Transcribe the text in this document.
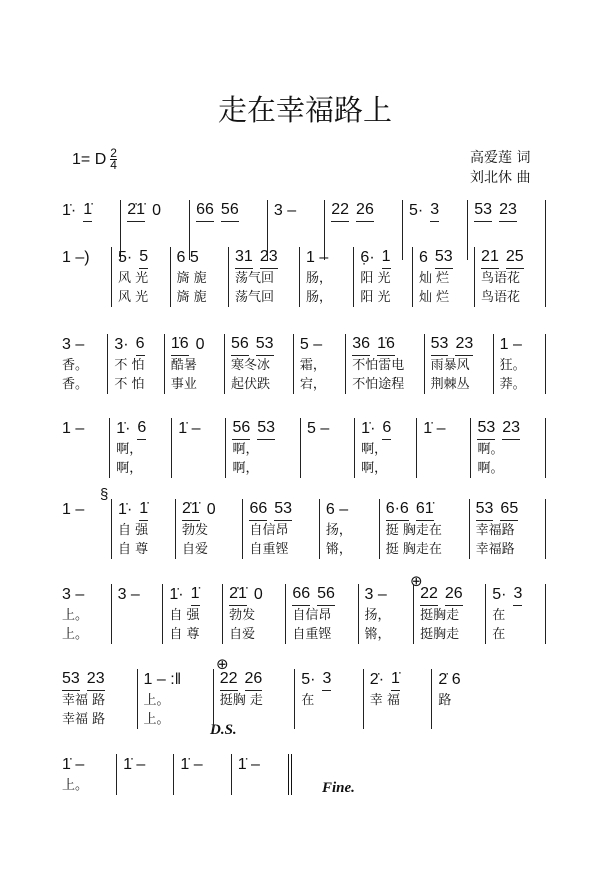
走在幸福路上
1= D $\frac{2}{4}$	高爱莲 词
刘北休 曲
§
⊕
⊕
D.S.
Fine.
1̇· 1̇ 2̇1̇ 0 66 56 3 – 22 26 5· 3 53 23
1 –) 5· 5
风 光
风 光
6 5
旖 旎
旖 旎
31 23
荡气回
荡气回
1 –
肠，
肠，
6̣· 1
阳 光
阳 光
6 53
灿 烂
灿 烂
21 25
鸟语花
鸟语花
3 –
香。
香。
3· 6
不 怕
不 怕
1̇6 0
酷暑
事业
56 53
寒冬冰
起伏跌
5 –
霜，
宕，
36 1̇6
不怕雷电
不怕途程
53 23
雨暴风
荆棘丛
1 –
狂。
莽。
1 – 1̇· 6
啊，
啊，
1̇ – 56 53
啊，
啊，
5 – 1̇· 6
啊，
啊，
1̇ – 53 23
啊。
啊。
1 – 1̇· 1̇
自 强
自 尊
2̇1̇ 0
勃发
自爱
66 53
自信昂
自重铿
6 –
扬，
锵，
6·6 61̇
挺 胸走在
挺 胸走在
53 65
幸福路
幸福路
3 –
上。
上。
3 – 1̇· 1̇
自 强
自 尊
2̇1̇ 0
勃发
自爱
66 56
自信昂
自重铿
3 –
扬，
锵，
22 26
挺胸走
挺胸走
5· 3
在
在
53 23
幸福 路
幸福 路
1 – :‖
上。
上。
22 26
挺胸 走
5· 3
在
2̇· 1̇
幸 福
2̇ 6
路
1̇ –
上。
1̇ – 1̇ – 1̇ –
